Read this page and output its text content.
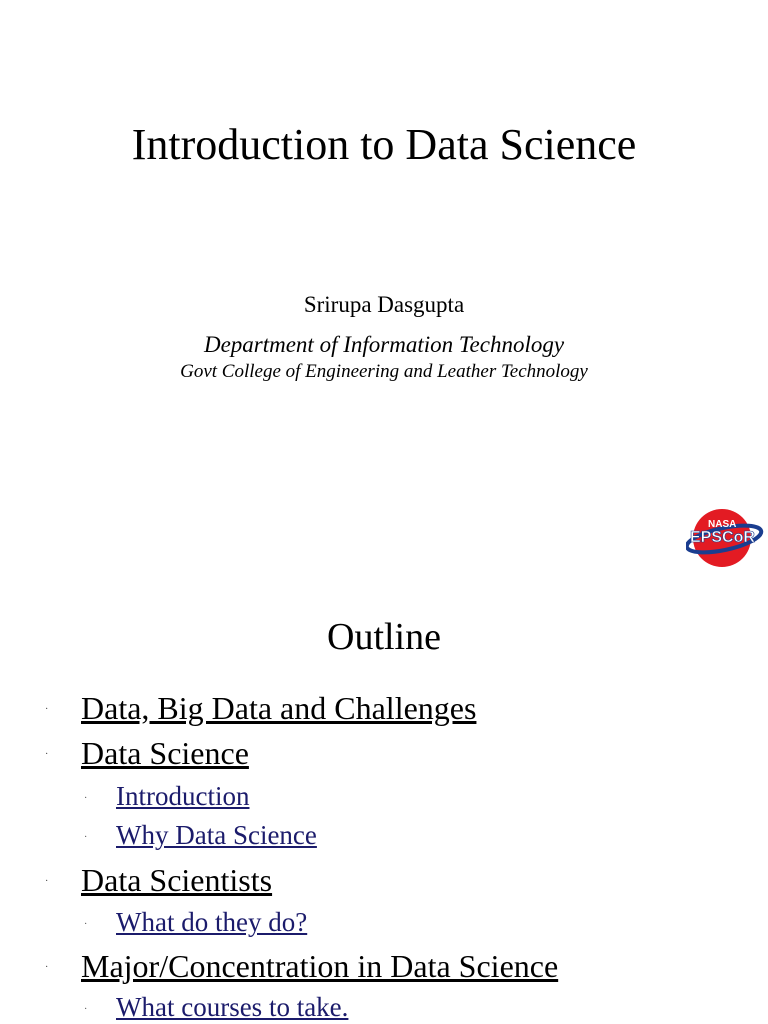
Introduction to Data Science
Srirupa Dasgupta
Department of Information Technology
Govt College of Engineering and Leather Technology
NASA
EPSCoR
Outline
· Data, Big Data and Challenges
· Data Science
· Introduction
· Why Data Science
· Data Scientists
· What do they do?
· Major/Concentration in Data Science
· What courses to take.
